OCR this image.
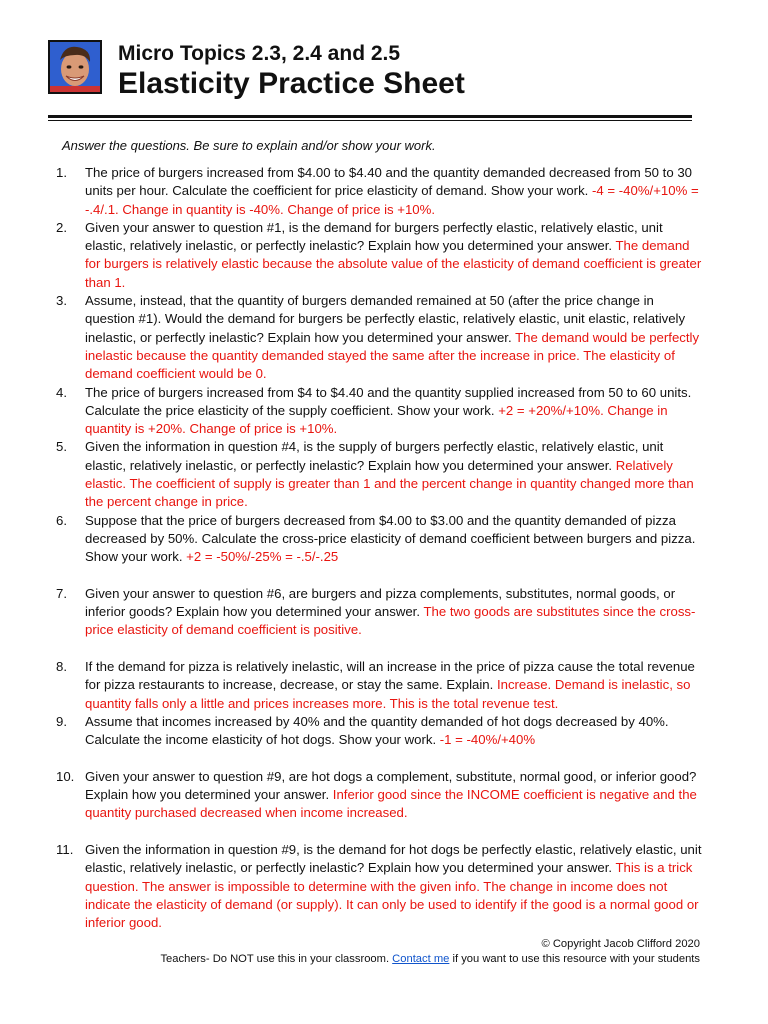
Micro Topics 2.3, 2.4 and 2.5
Elasticity Practice Sheet
Answer the questions. Be sure to explain and/or show your work.
1.	The price of burgers increased from $4.00 to $4.40 and the quantity demanded decreased from 50 to 30 units per hour. Calculate the coefficient for price elasticity of demand. Show your work. -4 = -40%/+10% = -.4/.1. Change in quantity is -40%. Change of price is +10%.
2.	Given your answer to question #1, is the demand for burgers perfectly elastic, relatively elastic, unit elastic, relatively inelastic, or perfectly inelastic? Explain how you determined your answer. The demand for burgers is relatively elastic because the absolute value of the elasticity of demand coefficient is greater than 1.
3.	Assume, instead, that the quantity of burgers demanded remained at 50 (after the price change in question #1). Would the demand for burgers be perfectly elastic, relatively elastic, unit elastic, relatively inelastic, or perfectly inelastic? Explain how you determined your answer. The demand would be perfectly inelastic because the quantity demanded stayed the same after the increase in price. The elasticity of demand coefficient would be 0.
4.	The price of burgers increased from $4 to $4.40 and the quantity supplied increased from 50 to 60 units. Calculate the price elasticity of the supply coefficient. Show your work. +2 = +20%/+10%. Change in quantity is +20%. Change of price is +10%.
5.	Given the information in question #4, is the supply of burgers perfectly elastic, relatively elastic, unit elastic, relatively inelastic, or perfectly inelastic? Explain how you determined your answer. Relatively elastic. The coefficient of supply is greater than 1 and the percent change in quantity changed more than the percent change in price.
6.	Suppose that the price of burgers decreased from $4.00 to $3.00 and the quantity demanded of pizza decreased by 50%. Calculate the cross-price elasticity of demand coefficient between burgers and pizza. Show your work. +2 = -50%/-25% = -.5/-.25
7.	Given your answer to question #6, are burgers and pizza complements, substitutes, normal goods, or inferior goods? Explain how you determined your answer. The two goods are substitutes since the cross-price elasticity of demand coefficient is positive.
8.	If the demand for pizza is relatively inelastic, will an increase in the price of pizza cause the total revenue for pizza restaurants to increase, decrease, or stay the same. Explain. Increase. Demand is inelastic, so quantity falls only a little and prices increases more. This is the total revenue test.
9.	Assume that incomes increased by 40% and the quantity demanded of hot dogs decreased by 40%. Calculate the income elasticity of hot dogs. Show your work. -1 = -40%/+40%
10. Given your answer to question #9, are hot dogs a complement, substitute, normal good, or inferior good? Explain how you determined your answer. Inferior good since the INCOME coefficient is negative and the quantity purchased decreased when income increased.
11. Given the information in question #9, is the demand for hot dogs be perfectly elastic, relatively elastic, unit elastic, relatively inelastic, or perfectly inelastic? Explain how you determined your answer. This is a trick question. The answer is impossible to determine with the given info. The change in income does not indicate the elasticity of demand (or supply). It can only be used to identify if the good is a normal good or inferior good.
© Copyright Jacob Clifford 2020
Teachers- Do NOT use this in your classroom. Contact me if you want to use this resource with your students
